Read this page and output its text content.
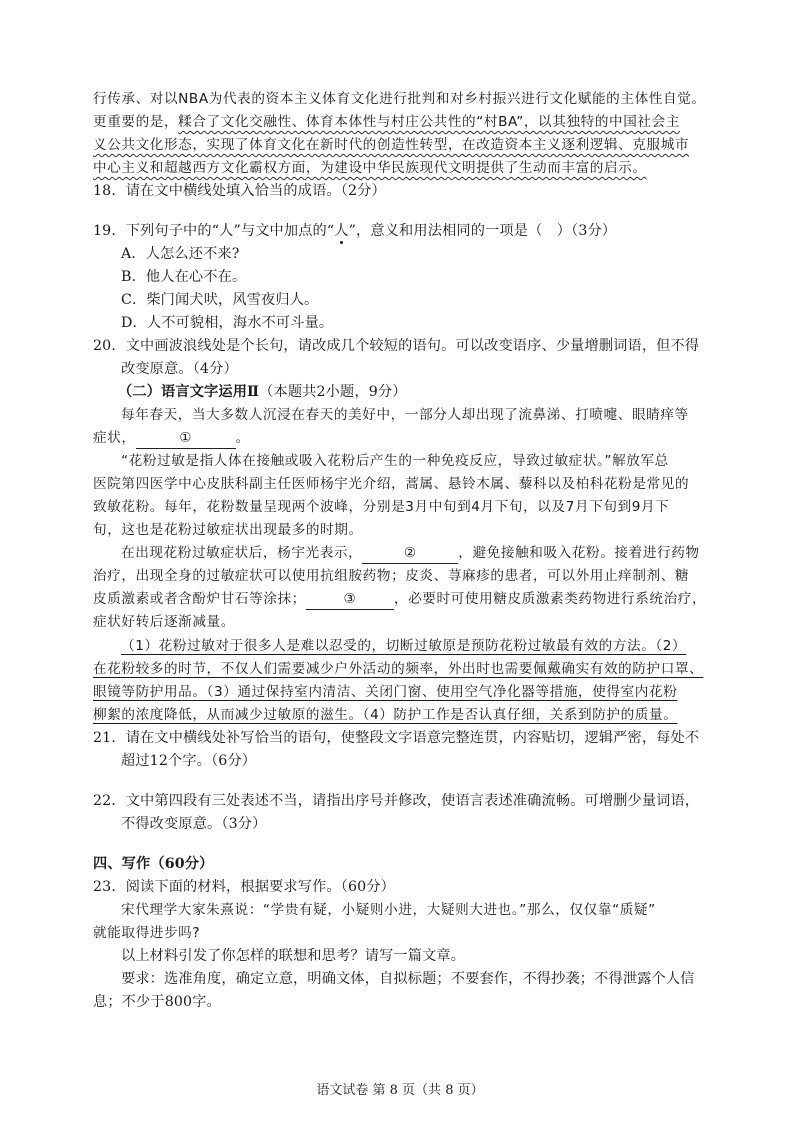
行传承、对以NBA为代表的资本主义体育文化进行批判和对乡村振兴进行文化赋能的主体性自觉。
更重要的是，糅合了文化交融性、体育本体性与村庄公共性的“村BA”，以其独特的中国社会主
义公共文化形态，实现了体育文化在新时代的创造性转型，在改造资本主义逐利逻辑、克服城市
中心主义和超越西方文化霸权方面，为建设中华民族现代文明提供了生动而丰富的启示。
18．请在文中横线处填入恰当的成语。（2分）
19．下列句子中的“人”与文中加点的“人”，意义和用法相同的一项是（　）（3分）
A．人怎么还不来?
B．他人在心不在。
C．柴门闻犬吠，风雪夜归人。
D．人不可貌相，海水不可斗量。
20．文中画波浪线处是个长句，请改成几个较短的语句。可以改变语序、少量增删词语，但不得
改变原意。（4分）
（二）语言文字运用Ⅱ（本题共2小题，9分）
每年春天，当大多数人沉浸在春天的美好中，一部分人却出现了流鼻涕、打喷嚏、眼睛痒等
症状，	①	。
“花粉过敏是指人体在接触或吸入花粉后产生的一种免疫反应，导致过敏症状。”解放军总
医院第四医学中心皮肤科副主任医师杨宇光介绍，蒿属、悬铃木属、藜科以及柏科花粉是常见的
致敏花粉。每年，花粉数量呈现两个波峰，分别是3月中旬到4月下旬，以及7月下旬到9月下
旬，这也是花粉过敏症状出现最多的时期。
在出现花粉过敏症状后，杨宇光表示，	②	，避免接触和吸入花粉。接着进行药物
治疗，出现全身的过敏症状可以使用抗组胺药物；皮炎、荨麻疹的患者，可以外用止痒制剂、糖
皮质激素或者含酚炉甘石等涂抹；	③	，必要时可使用糖皮质激素类药物进行系统治疗，
症状好转后逐渐减量。
（1）花粉过敏对于很多人是难以忍受的，切断过敏原是预防花粉过敏最有效的方法。（2）
在花粉较多的时节，不仅人们需要减少户外活动的频率，外出时也需要佩戴确实有效的防护口罩、
眼镜等防护用品。（3）通过保持室内清洁、关闭门窗、使用空气净化器等措施，使得室内花粉
柳絮的浓度降低，从而减少过敏原的滋生。（4）防护工作是否认真仔细，关系到防护的质量。
21．请在文中横线处补写恰当的语句，使整段文字语意完整连贯，内容贴切，逻辑严密，每处不
超过12个字。（6分）
22．文中第四段有三处表述不当，请指出序号并修改，使语言表述准确流畅。可增删少量词语，
不得改变原意。（3分）
四、写作（60分）
23．阅读下面的材料，根据要求写作。（60分）
宋代理学大家朱熹说：“学贵有疑，小疑则小进，大疑则大进也。”那么，仅仅靠“质疑”
就能取得进步吗?
以上材料引发了你怎样的联想和思考？请写一篇文章。
要求：选准角度，确定立意，明确文体，自拟标题；不要套作，不得抄袭；不得泄露个人信
息；不少于800字。
语文试卷 第 8 页（共 8 页）
